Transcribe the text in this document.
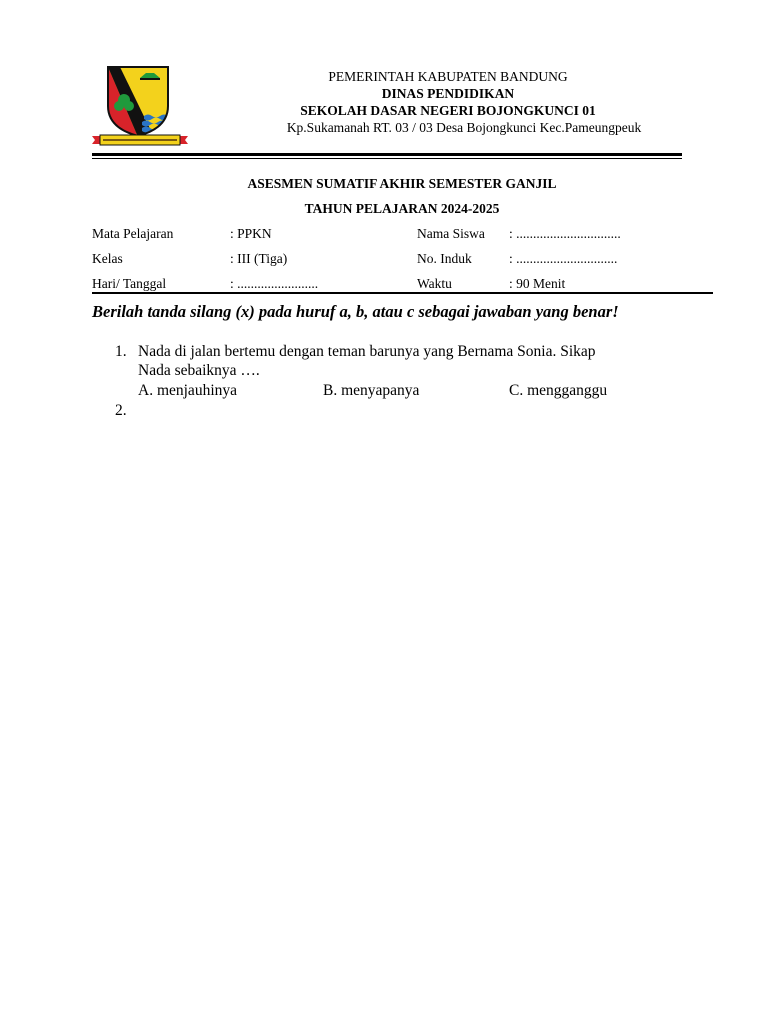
PEMERINTAH KABUPATEN BANDUNG
DINAS PENDIDIKAN
SEKOLAH DASAR NEGERI BOJONGKUNCI 01
Kp.Sukamanah RT. 03 / 03 Desa Bojongkunci Kec.Pameungpeuk
ASESMEN SUMATIF AKHIR SEMESTER GANJIL
TAHUN PELAJARAN 2024-2025
Mata Pelajaran	: PPKN	Nama Siswa : ...............................
Kelas	: III (Tiga)	No. Induk	: ..............................
Hari/ Tanggal	: ........................	Waktu	: 90 Menit
Berilah tanda silang (x) pada huruf a, b, atau c sebagai jawaban yang benar!
1. Nada di jalan bertemu dengan teman barunya yang Bernama Sonia. Sikap
Nada sebaiknya ….
A. menjauhinya	B. menyapanya	C. mengganggu
2.
